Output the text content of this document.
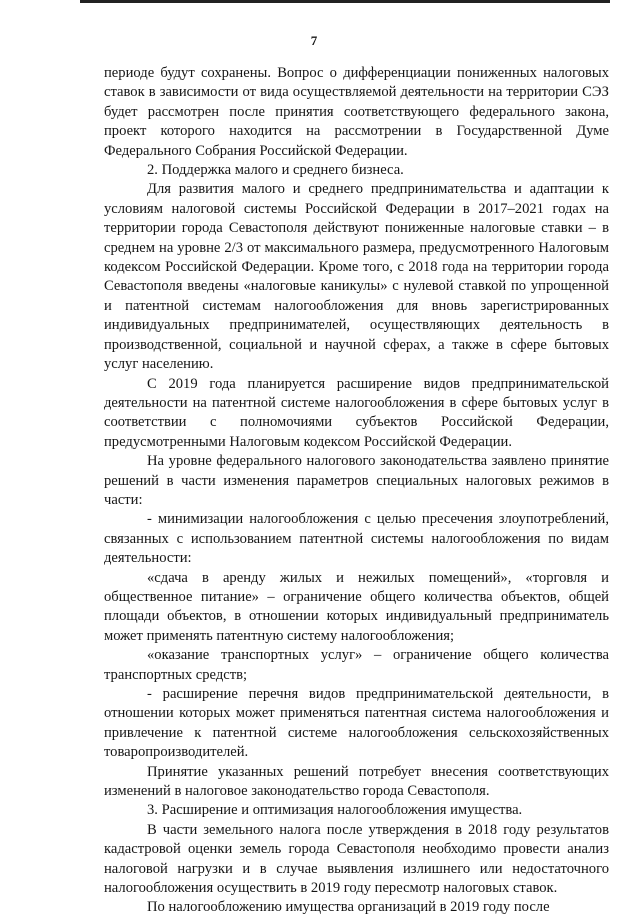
7

периоде будут сохранены. Вопрос о дифференциации пониженных налоговых ставок в зависимости от вида осуществляемой деятельности на территории СЭЗ будет рассмотрен после принятия соответствующего федерального закона, проект которого находится на рассмотрении в Государственной Думе Федерального Собрания Российской Федерации.

2. Поддержка малого и среднего бизнеса.

Для развития малого и среднего предпринимательства и адаптации к условиям налоговой системы Российской Федерации в 2017–2021 годах на территории города Севастополя действуют пониженные налоговые ставки – в среднем на уровне 2/3 от максимального размера, предусмотренного Налоговым кодексом Российской Федерации. Кроме того, с 2018 года на территории города Севастополя введены «налоговые каникулы» с нулевой ставкой по упрощенной и патентной системам налогообложения для вновь зарегистрированных индивидуальных предпринимателей, осуществляющих деятельность в производственной, социальной и научной сферах, а также в сфере бытовых услуг населению.

С 2019 года планируется расширение видов предпринимательской деятельности на патентной системе налогообложения в сфере бытовых услуг в соответствии с полномочиями субъектов Российской Федерации, предусмотренными Налоговым кодексом Российской Федерации.

На уровне федерального налогового законодательства заявлено принятие решений в части изменения параметров специальных налоговых режимов в части:

- минимизации налогообложения с целью пресечения злоупотреблений, связанных с использованием патентной системы налогообложения по видам деятельности:

«сдача в аренду жилых и нежилых помещений», «торговля и общественное питание» – ограничение общего количества объектов, общей площади объектов, в отношении которых индивидуальный предприниматель может применять патентную систему налогообложения;

«оказание транспортных услуг» – ограничение общего количества транспортных средств;

- расширение перечня видов предпринимательской деятельности, в отношении которых может применяться патентная система налогообложения и привлечение к патентной системе налогообложения сельскохозяйственных товаропроизводителей.

Принятие указанных решений потребует внесения соответствующих изменений в налоговое законодательство города Севастополя.

3. Расширение и оптимизация налогообложения имущества.

В части земельного налога после утверждения в 2018 году результатов кадастровой оценки земель города Севастополя необходимо провести анализ налоговой нагрузки и в случае выявления излишнего или недостаточного налогообложения осуществить в 2019 году пересмотр налоговых ставок.

По налогообложению имущества организаций в 2019 году после
